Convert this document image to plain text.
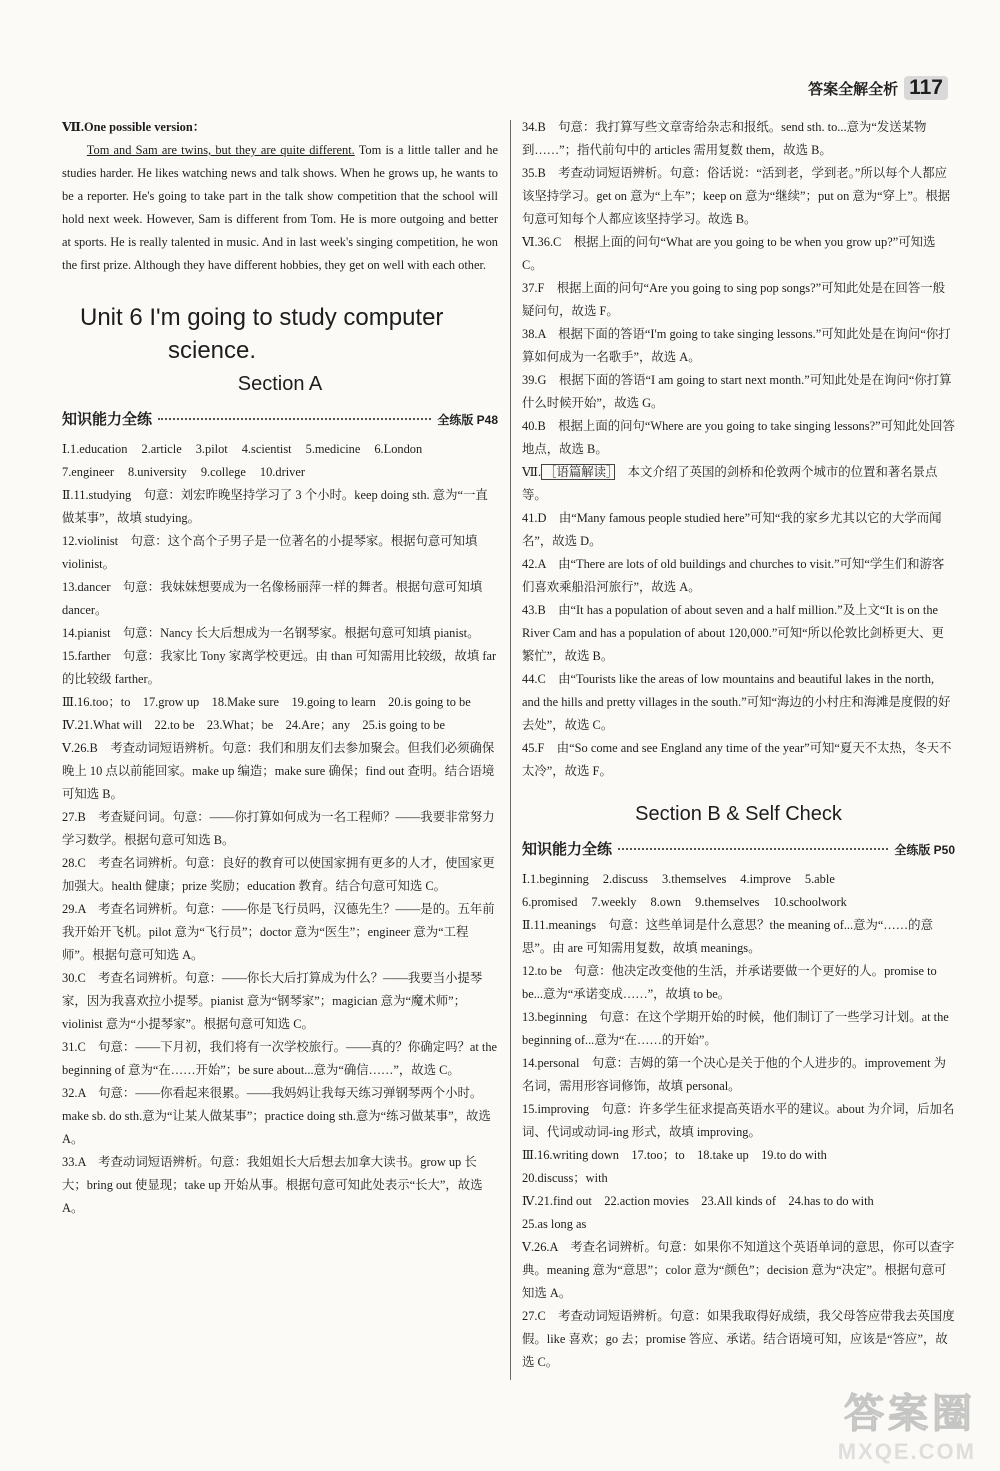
答案全解全析 117

Ⅶ.One possible version：

Tom and Sam are twins, but they are quite different. Tom is a little taller and he studies harder. He likes watching news and talk shows. When he grows up, he wants to be a reporter. He's going to take part in the talk show competition that the school will hold next week. However, Sam is different from Tom. He is more outgoing and better at sports. He is really talented in music. And in last week's singing competition, he won the first prize. Although they have different hobbies, they get on well with each other.

Unit 6 I'm going to study computer
science.
Section A
知识能力全练	全练版 P48
Ⅰ.1.education 2.article 3.pilot 4.scientist 5.medicine 6.London
7.engineer 8.university 9.college 10.driver

Ⅱ.11.studying　句意：刘宏昨晚坚持学习了 3 个小时。keep doing sth. 意为“一直做某事”，故填 studying。

12.violinist　句意：这个高个子男子是一位著名的小提琴家。根据句意可知填 violinist。

13.dancer　句意：我妹妹想要成为一名像杨丽萍一样的舞者。根据句意可知填 dancer。

14.pianist　句意：Nancy 长大后想成为一名钢琴家。根据句意可知填 pianist。

15.farther　句意：我家比 Tony 家离学校更远。由 than 可知需用比较级，故填 far 的比较级 farther。

Ⅲ.16.too；to　17.grow up　18.Make sure　19.going to learn　20.is going to be

Ⅳ.21.What will　22.to be　23.What；be　24.Are；any　25.is going to be

Ⅴ.26.B　考查动词短语辨析。句意：我们和朋友们去参加聚会。但我们必须确保晚上 10 点以前能回家。make up 编造；make sure 确保；find out 查明。结合语境可知选 B。

27.B　考查疑问词。句意：——你打算如何成为一名工程师？——我要非常努力学习数学。根据句意可知选 B。

28.C　考查名词辨析。句意：良好的教育可以使国家拥有更多的人才，使国家更加强大。health 健康；prize 奖励；education 教育。结合句意可知选 C。

29.A　考查名词辨析。句意：——你是飞行员吗，汉德先生？——是的。五年前我开始开飞机。pilot 意为“飞行员”；doctor 意为“医生”；engineer 意为“工程师”。根据句意可知选 A。

30.C　考查名词辨析。句意：——你长大后打算成为什么？——我要当小提琴家，因为我喜欢拉小提琴。pianist 意为“钢琴家”；magician 意为“魔术师”；violinist 意为“小提琴家”。根据句意可知选 C。

31.C　句意：——下月初，我们将有一次学校旅行。——真的？你确定吗？at the beginning of 意为“在……开始”；be sure about...意为“确信……”，故选 C。

32.A　句意：——你看起来很累。——我妈妈让我每天练习弹钢琴两个小时。make sb. do sth.意为“让某人做某事”；practice doing sth.意为“练习做某事”，故选 A。

33.A　考查动词短语辨析。句意：我姐姐长大后想去加拿大读书。grow up 长大；bring out 使显现；take up 开始从事。根据句意可知此处表示“长大”，故选 A。

34.B　句意：我打算写些文章寄给杂志和报纸。send sth. to...意为“发送某物到……”；指代前句中的 articles 需用复数 them，故选 B。

35.B　考查动词短语辨析。句意：俗话说：“活到老，学到老。”所以每个人都应该坚持学习。get on 意为“上车”；keep on 意为“继续”；put on 意为“穿上”。根据句意可知每个人都应该坚持学习。故选 B。

Ⅵ.36.C　根据上面的问句“What are you going to be when you grow up?”可知选 C。

37.F　根据上面的问句“Are you going to sing pop songs?”可知此处是在回答一般疑问句，故选 F。

38.A　根据下面的答语“I'm going to take singing lessons.”可知此处是在询问“你打算如何成为一名歌手”，故选 A。

39.G　根据下面的答语“I am going to start next month.”可知此处是在询问“你打算什么时候开始”，故选 G。

40.B　根据上面的问句“Where are you going to take singing lessons?”可知此处回答地点，故选 B。

Ⅶ. ［语篇解读］　 本文介绍了英国的剑桥和伦敦两个城市的位置和著名景点等。

41.D　由“Many famous people studied here”可知“我的家乡尤其以它的大学而闻名”，故选 D。

42.A　由“There are lots of old buildings and churches to visit.”可知“学生们和游客们喜欢乘船沿河旅行”，故选 A。

43.B　由“It has a population of about seven and a half million.”及上文“It is on the River Cam and has a population of about 120,000.”可知“所以伦敦比剑桥更大、更繁忙”，故选 B。

44.C　由“Tourists like the areas of low mountains and beautiful lakes in the north, and the hills and pretty villages in the south.”可知“海边的小村庄和海滩是度假的好去处”，故选 C。

45.F　由“So come and see England any time of the year”可知“夏天不太热，冬天不太冷”，故选 F。

Section B & Self Check
知识能力全练	全练版 P50
Ⅰ.1.beginning 2.discuss 3.themselves 4.improve 5.able
6.promised 7.weekly 8.own 9.themselves 10.schoolwork

Ⅱ.11.meanings　句意：这些单词是什么意思？the meaning of...意为“……的意思”。由 are 可知需用复数，故填 meanings。

12.to be　句意：他决定改变他的生活，并承诺要做一个更好的人。promise to be...意为“承诺变成……”，故填 to be。

13.beginning　句意：在这个学期开始的时候，他们制订了一些学习计划。at the beginning of...意为“在……的开始”。

14.personal　句意：吉姆的第一个决心是关于他的个人进步的。improvement 为名词，需用形容词修饰，故填 personal。

15.improving　句意：许多学生征求提高英语水平的建议。about 为介词，后加名词、代词或动词-ing 形式，故填 improving。

Ⅲ.16.writing down　17.too；to　18.take up　19.to do with

20.discuss；with

Ⅳ.21.find out　22.action movies　23.All kinds of　24.has to do with

25.as long as

Ⅴ.26.A　考查名词辨析。句意：如果你不知道这个英语单词的意思，你可以查字典。meaning 意为“意思”；color 意为“颜色”；decision 意为“决定”。根据句意可知选 A。

27.C　考查动词短语辨析。句意：如果我取得好成绩，我父母答应带我去英国度假。like 喜欢；go 去；promise 答应、承诺。结合语境可知，应该是“答应”，故选 C。

答案圈
MXQE.COM
